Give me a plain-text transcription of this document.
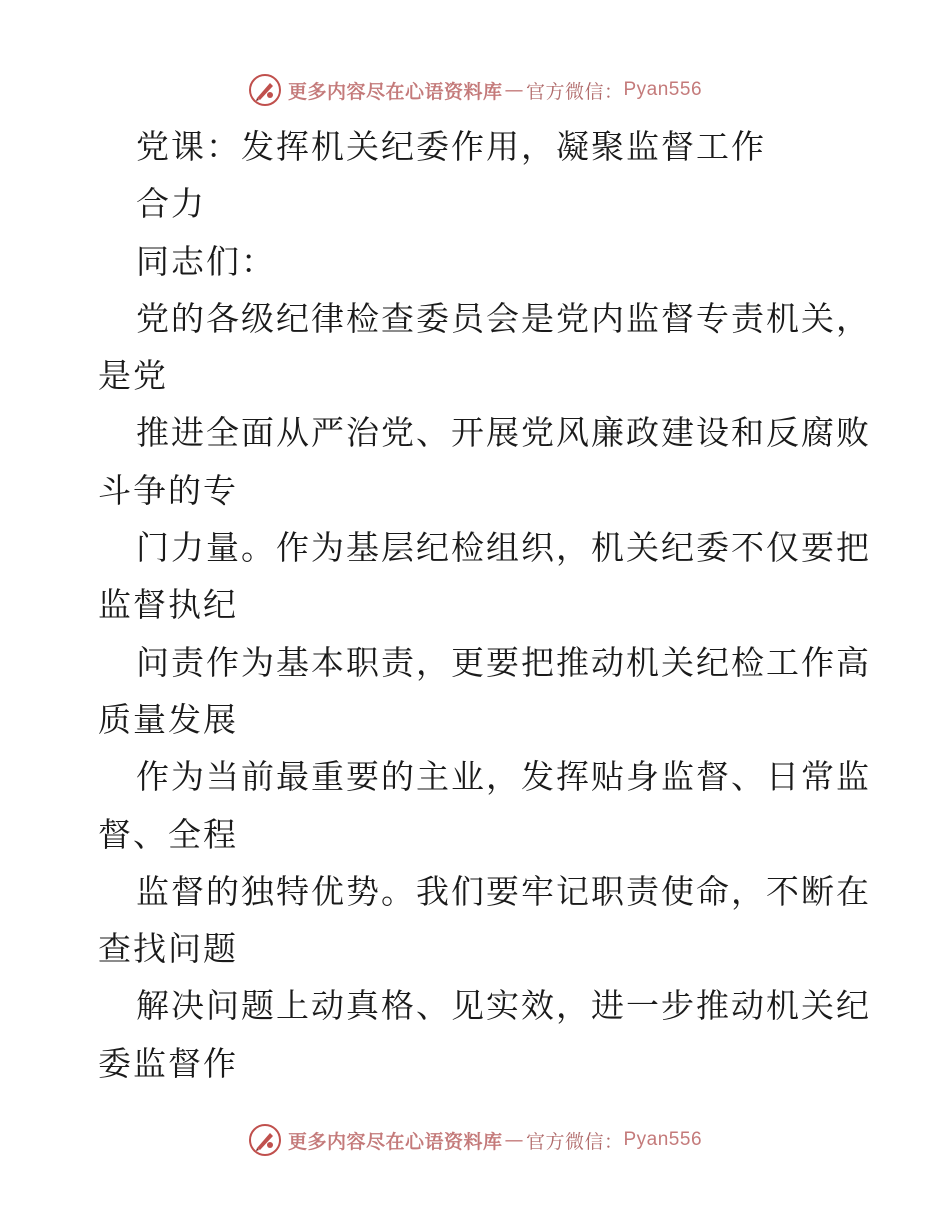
更多内容尽在心语资料库 — 官方微信： Pyan556
党课：发挥机关纪委作用，凝聚监督工作
合力
同志们：
党的各级纪律检查委员会是党内监督专责机关，
是党
推进全面从严治党、开展党风廉政建设和反腐败
斗争的专
门力量。作为基层纪检组织，机关纪委不仅要把
监督执纪
问责作为基本职责，更要把推动机关纪检工作高
质量发展
作为当前最重要的主业，发挥贴身监督、日常监
督、全程
监督的独特优势。我们要牢记职责使命，不断在
查找问题
解决问题上动真格、见实效，进一步推动机关纪
委监督作
更多内容尽在心语资料库 — 官方微信： Pyan556
